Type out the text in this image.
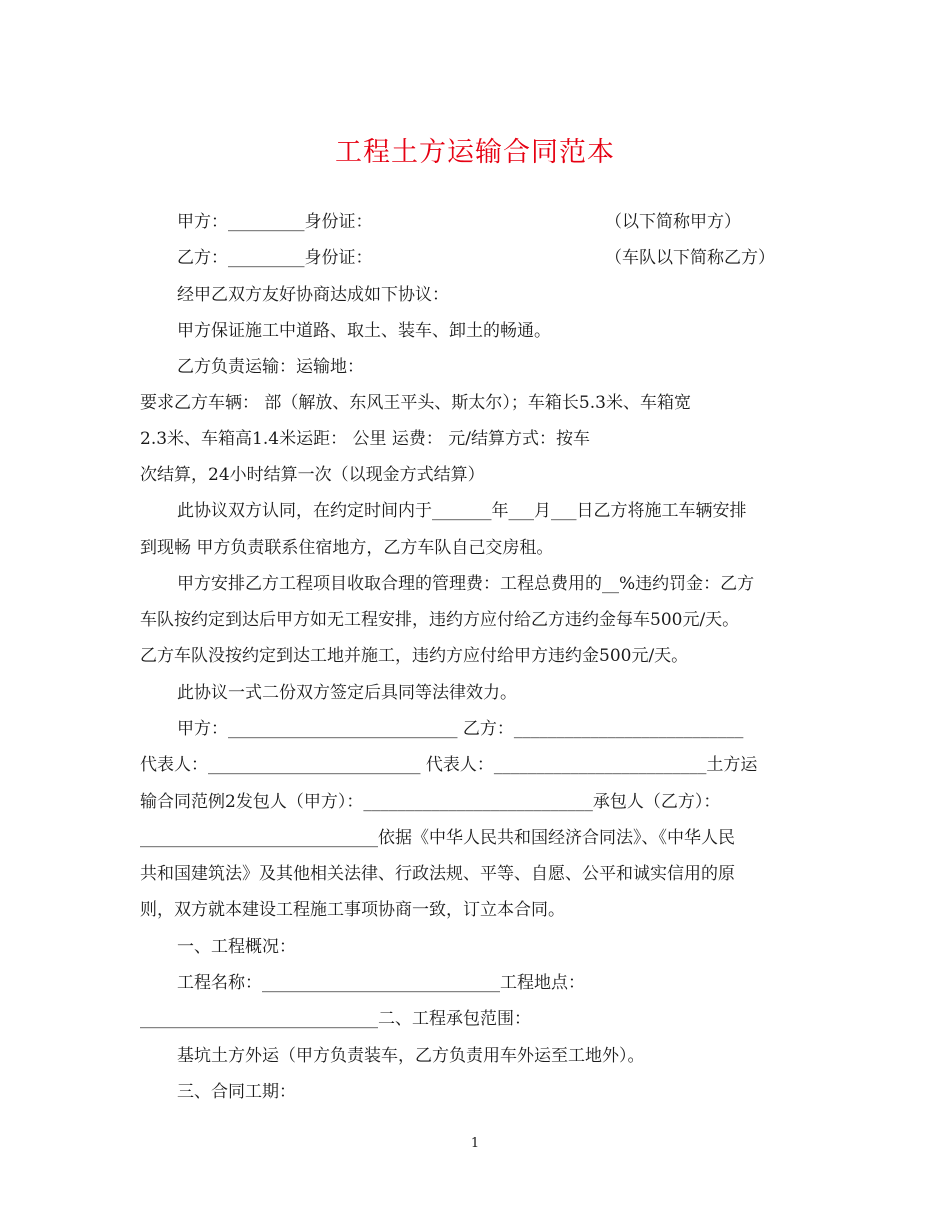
工程土方运输合同范本
甲方：_________身份证：	（以下简称甲方）
乙方：_________身份证：	（车队以下简称乙方）
经甲乙双方友好协商达成如下协议：
甲方保证施工中道路、取土、装车、卸土的畅通。
乙方负责运输：运输地：
要求乙方车辆： 部（解放、东风王平头、斯太尔）；车箱长5.3米、车箱宽
2.3米、车箱高1.4米运距： 公里 运费： 元/结算方式：按车
次结算，24小时结算一次（以现金方式结算）
此协议双方认同，在约定时间内于_______年___月___日乙方将施工车辆安排
到现畅 甲方负责联系住宿地方，乙方车队自己交房租。
甲方安排乙方工程项目收取合理的管理费：工程总费用的__%违约罚金：乙方
车队按约定到达后甲方如无工程安排，违约方应付给乙方违约金每车500元/天。
乙方车队没按约定到达工地并施工，违约方应付给甲方违约金500元/天。
此协议一式二份双方签定后具同等法律效力。
甲方：___________________________ 乙方：___________________________
代表人：_________________________ 代表人：_________________________土方运
输合同范例2发包人（甲方）：___________________________承包人（乙方）：
____________________________依据《中华人民共和国经济合同法》、《中华人民
共和国建筑法》及其他相关法律、行政法规、平等、自愿、公平和诚实信用的原
则，双方就本建设工程施工事项协商一致，订立本合同。
一、工程概况：
工程名称：____________________________工程地点：
____________________________二、工程承包范围：
基坑土方外运（甲方负责装车，乙方负责用车外运至工地外）。
三、合同工期：
1
